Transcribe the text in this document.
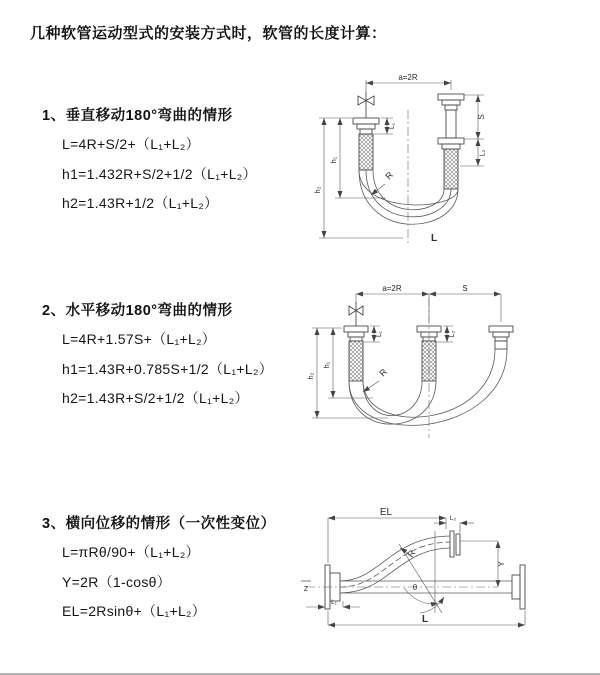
几种软管运动型式的安装方式时，软管的长度计算：
1、垂直移动180°弯曲的情形
L=4R+S/2+（L₁+L₂）
h1=1.432R+S/2+1/2（L₁+L₂）
h2=1.43R+1/2（L₁+L₂）
2、水平移动180°弯曲的情形
L=4R+1.57S+（L₁+L₂）
h1=1.43R+0.785S+1/2（L₁+L₂）
h2=1.43R+S/2+1/2（L₁+L₂）
3、横向位移的情形（一次性变位）
L=πRθ/90+（L₁+L₂）
Y=2R（1-cosθ）
EL=2Rsinθ+（L₁+L₂）
a=2R
S
L₂
L₁
h₁
h₂
R
L
a=2R	S
L₁	L₂
h₁
h₂	R
EL
L₂
Y
L
L₁
Z	θ
R
